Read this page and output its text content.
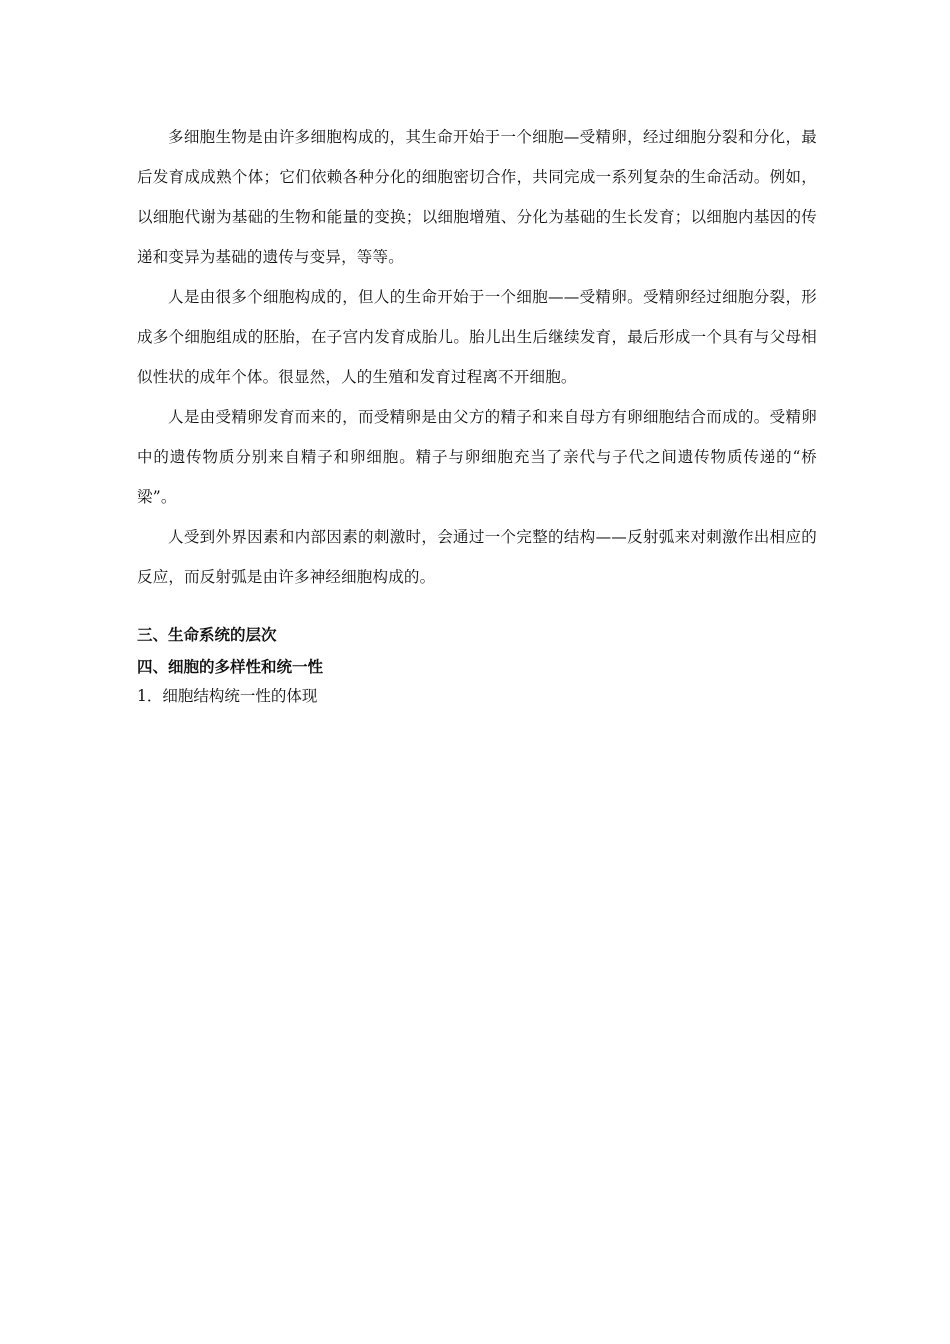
多细胞生物是由许多细胞构成的，其生命开始于一个细胞—受精卵，经过细胞分裂和分化，最后发育成成熟个体；它们依赖各种分化的细胞密切合作，共同完成一系列复杂的生命活动。例如，以细胞代谢为基础的生物和能量的变换；以细胞增殖、分化为基础的生长发育；以细胞内基因的传递和变异为基础的遗传与变异，等等。

人是由很多个细胞构成的，但人的生命开始于一个细胞——受精卵。受精卵经过细胞分裂，形成多个细胞组成的胚胎，在子宫内发育成胎儿。胎儿出生后继续发育，最后形成一个具有与父母相似性状的成年个体。很显然，人的生殖和发育过程离不开细胞。

人是由受精卵发育而来的，而受精卵是由父方的精子和来自母方有卵细胞结合而成的。受精卵中的遗传物质分别来自精子和卵细胞。精子与卵细胞充当了亲代与子代之间遗传物质传递的“桥梁”。

人受到外界因素和内部因素的刺激时，会通过一个完整的结构——反射弧来对刺激作出相应的反应，而反射弧是由许多神经细胞构成的。

三、生命系统的层次

四、细胞的多样性和统一性

1．细胞结构统一性的体现
